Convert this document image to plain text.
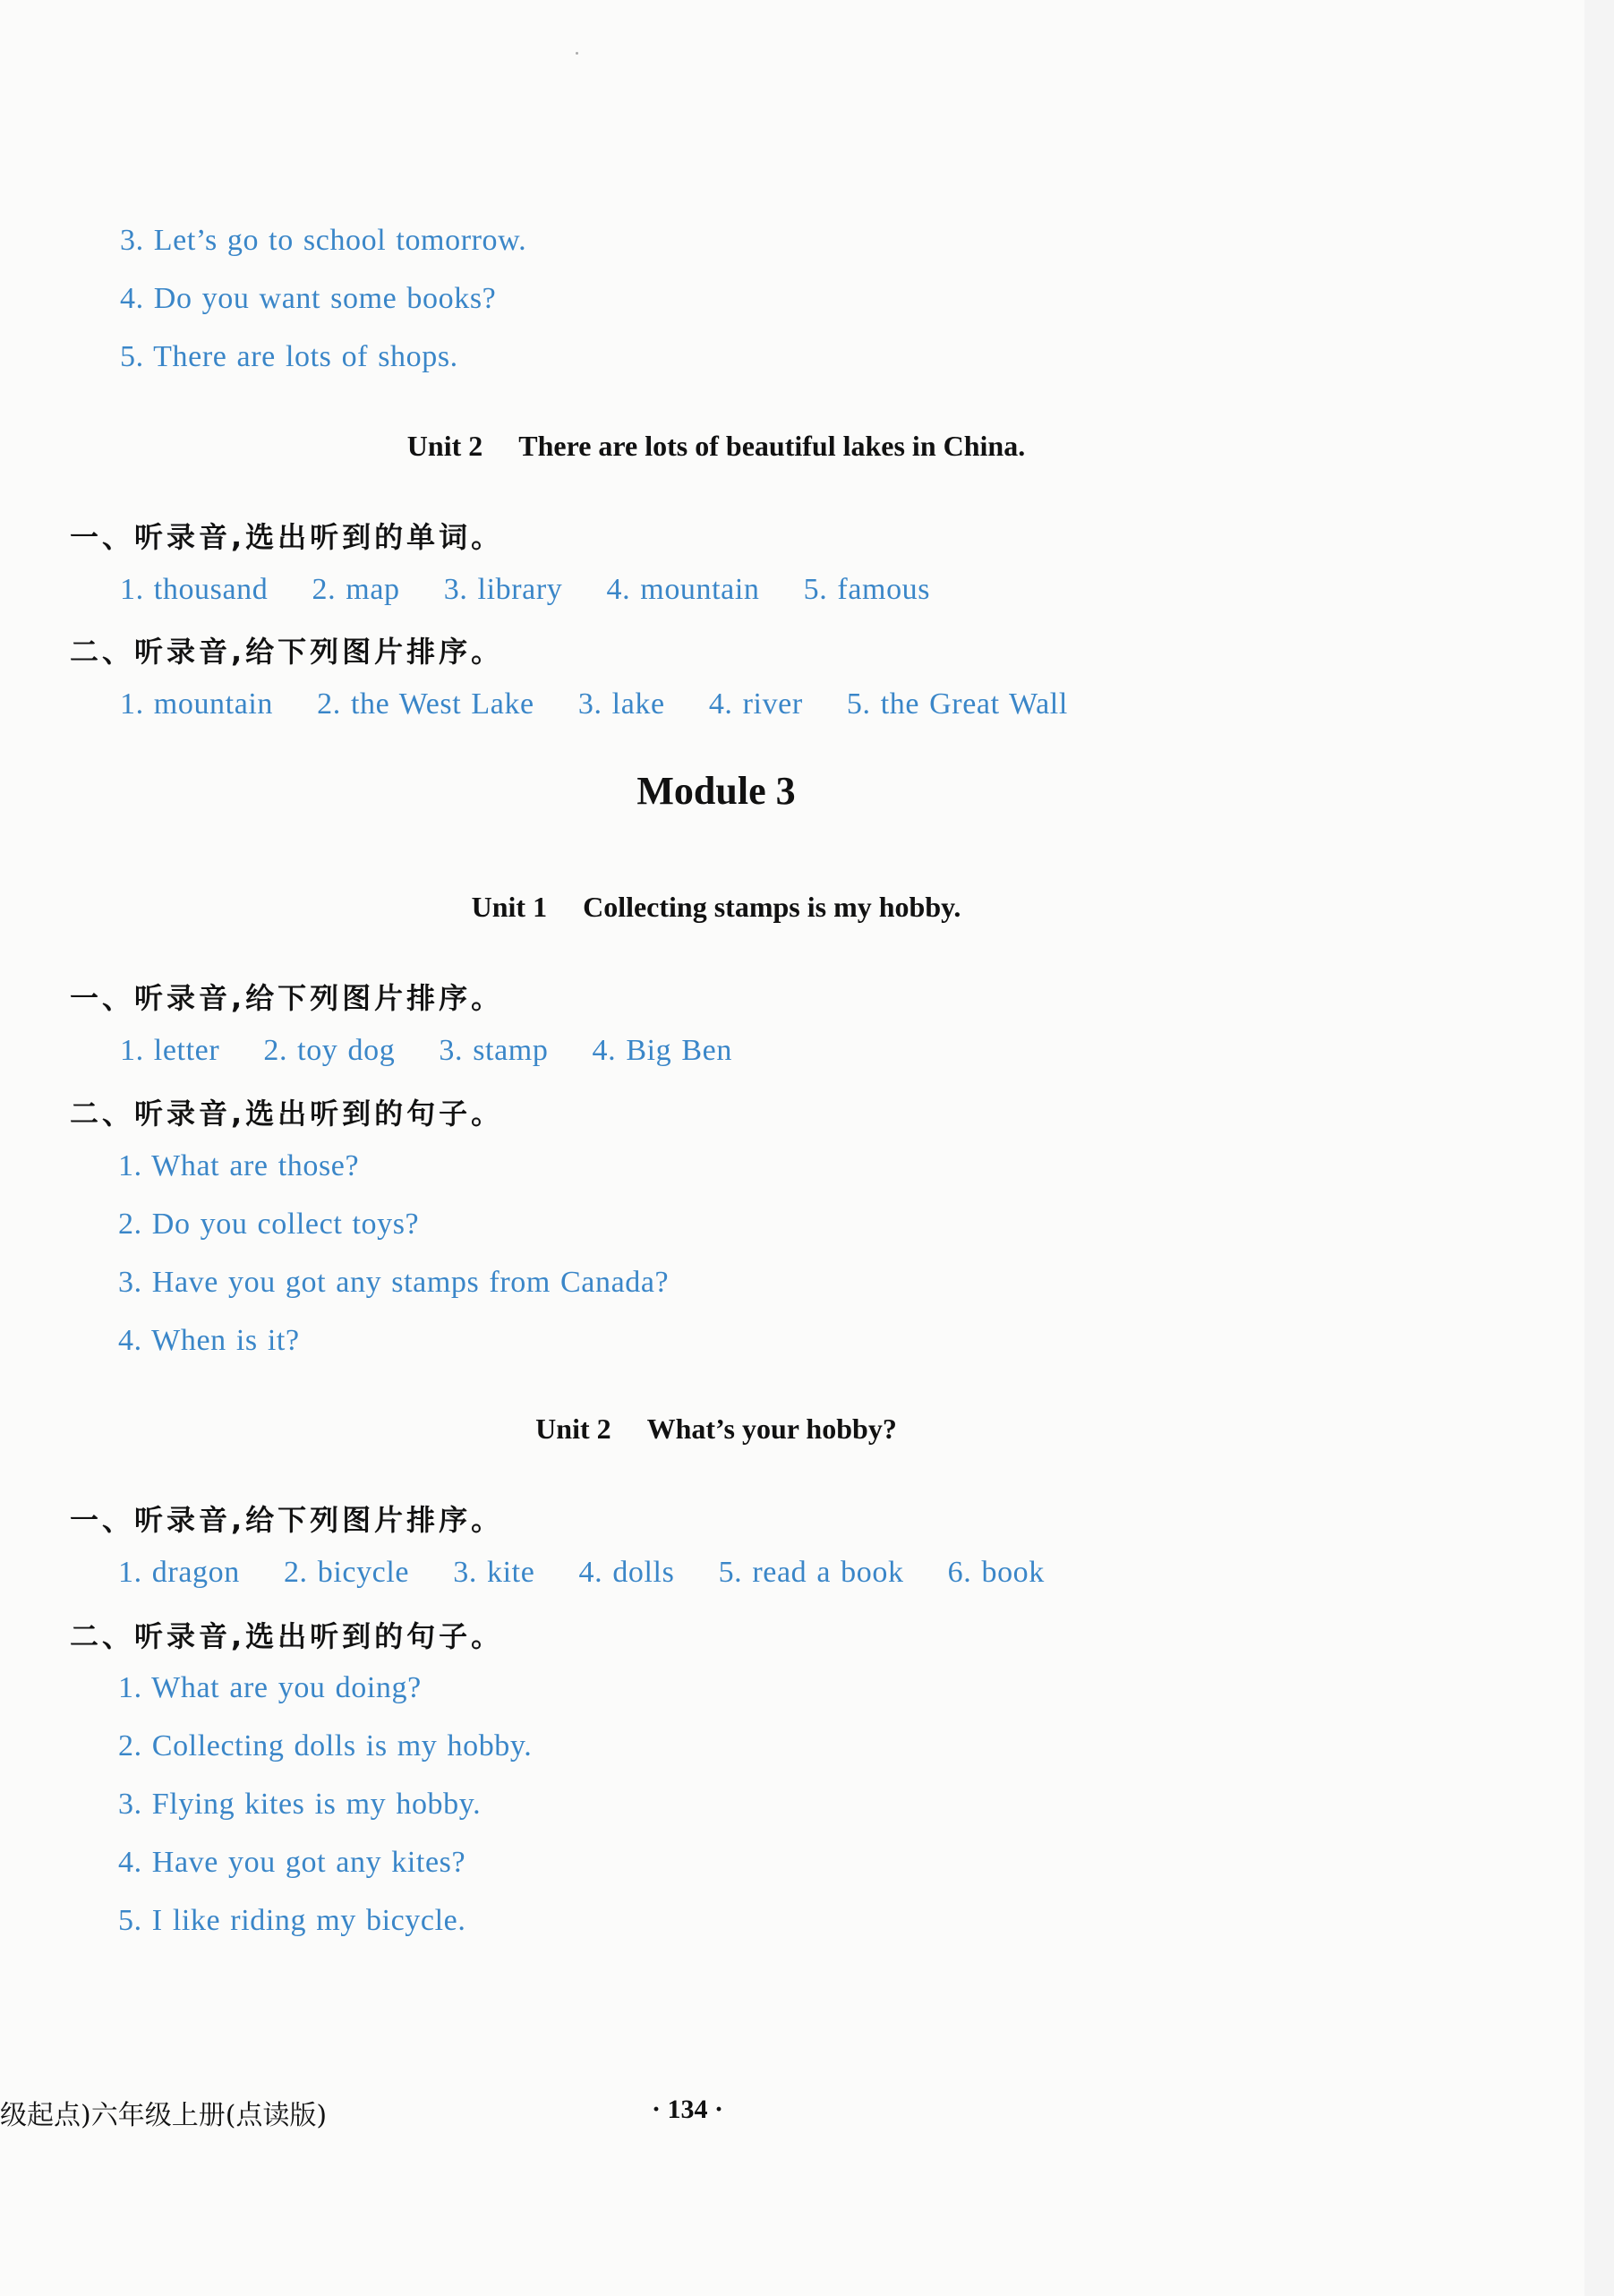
3. Let’s go to school tomorrow.
4. Do you want some books?
5. There are lots of shops.
Unit 2 There are lots of beautiful lakes in China.
一、听录音,选出听到的单词。
1. thousand 2. map 3. library 4. mountain 5. famous
二、听录音,给下列图片排序。
1. mountain 2. the West Lake 3. lake 4. river 5. the Great Wall
Module 3
Unit 1 Collecting stamps is my hobby.
一、听录音,给下列图片排序。
1. letter 2. toy dog 3. stamp 4. Big Ben
二、听录音,选出听到的句子。
1. What are those?
2. Do you collect toys?
3. Have you got any stamps from Canada?
4. When is it?
Unit 2 What’s your hobby?
一、听录音,给下列图片排序。
1. dragon 2. bicycle 3. kite 4. dolls 5. read a book 6. book
二、听录音,选出听到的句子。
1. What are you doing?
2. Collecting dolls is my hobby.
3. Flying kites is my hobby.
4. Have you got any kites?
5. I like riding my bicycle.
级起点)六年级上册(点读版)	· 134 ·
